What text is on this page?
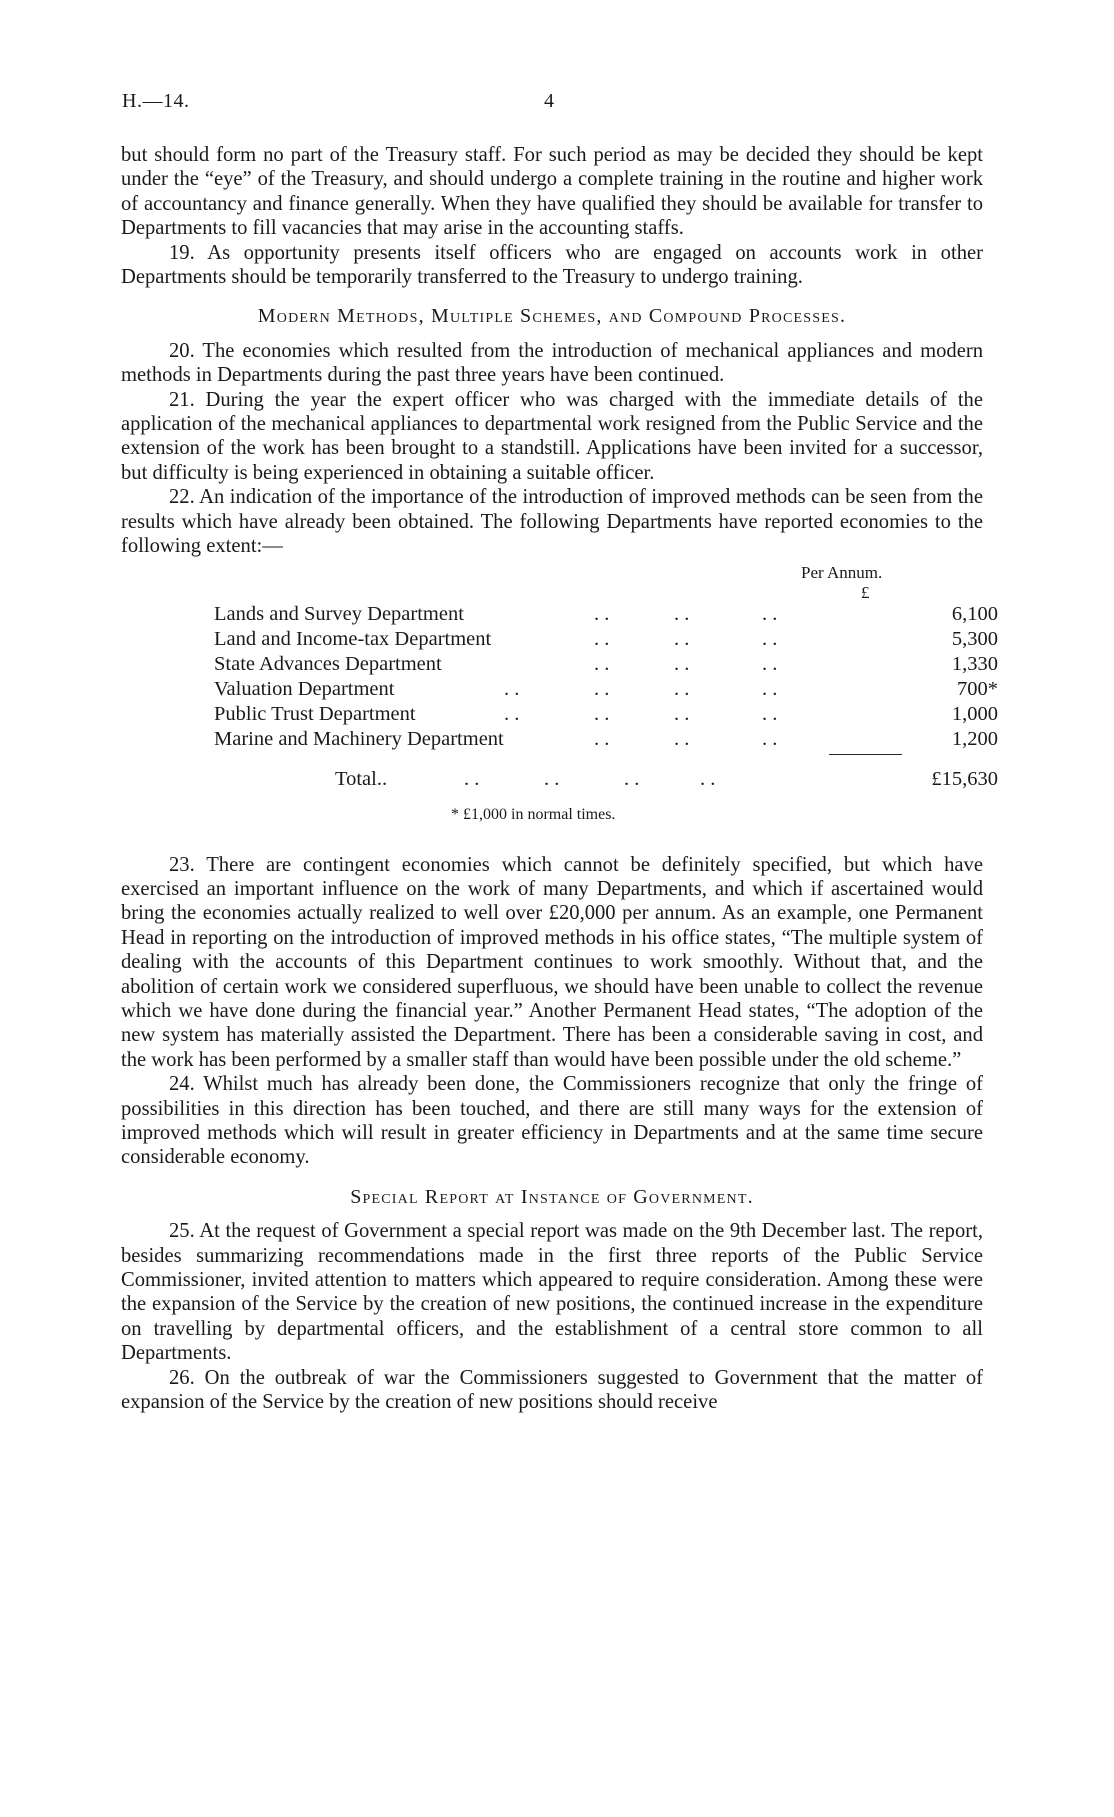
H.—14.	4

but should form no part of the Treasury staff. For such period as may be decided they should be kept under the “eye” of the Treasury, and should undergo a complete training in the routine and higher work of accountancy and finance generally. When they have qualified they should be available for transfer to Departments to fill vacancies that may arise in the accounting staffs.

19. As opportunity presents itself officers who are engaged on accounts work in other Departments should be temporarily transferred to the Treasury to undergo training.

Modern Methods, Multiple Schemes, and Compound Processes.

20. The economies which resulted from the introduction of mechanical appliances and modern methods in Departments during the past three years have been continued.

21. During the year the expert officer who was charged with the immediate details of the application of the mechanical appliances to departmental work resigned from the Public Service and the extension of the work has been brought to a standstill. Applications have been invited for a successor, but difficulty is being experienced in obtaining a suitable officer.

22. An indication of the importance of the introduction of improved methods can be seen from the results which have already been obtained. The following Departments have reported economies to the following extent:—

Per Annum.
£
Lands and Survey Department	. .	. .	. .	6,100
Land and Income-tax Department	. .	. .	. .	5,300
State Advances Department	. .	. .	. .	1,330
Valuation Department	. .	. .	. .	. .	700*
Public Trust Department	. .	. .	. .	. .	1,000
Marine and Machinery Department	. .	. .	. .	1,200
Total..	. .	. .	. .	. .	£15,630
* £1,000 in normal times.

23. There are contingent economies which cannot be definitely specified, but which have exercised an important influence on the work of many Departments, and which if ascertained would bring the economies actually realized to well over £20,000 per annum. As an example, one Permanent Head in reporting on the introduction of improved methods in his office states, “The multiple system of dealing with the accounts of this Department continues to work smoothly. Without that, and the abolition of certain work we considered superfluous, we should have been unable to collect the revenue which we have done during the financial year.” Another Permanent Head states, “The adoption of the new system has materially assisted the Department. There has been a considerable saving in cost, and the work has been performed by a smaller staff than would have been possible under the old scheme.”

24. Whilst much has already been done, the Commissioners recognize that only the fringe of possibilities in this direction has been touched, and there are still many ways for the extension of improved methods which will result in greater efficiency in Departments and at the same time secure considerable economy.

Special Report at Instance of Government.

25. At the request of Government a special report was made on the 9th December last. The report, besides summarizing recommendations made in the first three reports of the Public Service Commissioner, invited attention to matters which appeared to require consideration. Among these were the expansion of the Service by the creation of new positions, the continued increase in the expenditure on travelling by departmental officers, and the establishment of a central store common to all Departments.

26. On the outbreak of war the Commissioners suggested to Government that the matter of expansion of the Service by the creation of new positions should receive
